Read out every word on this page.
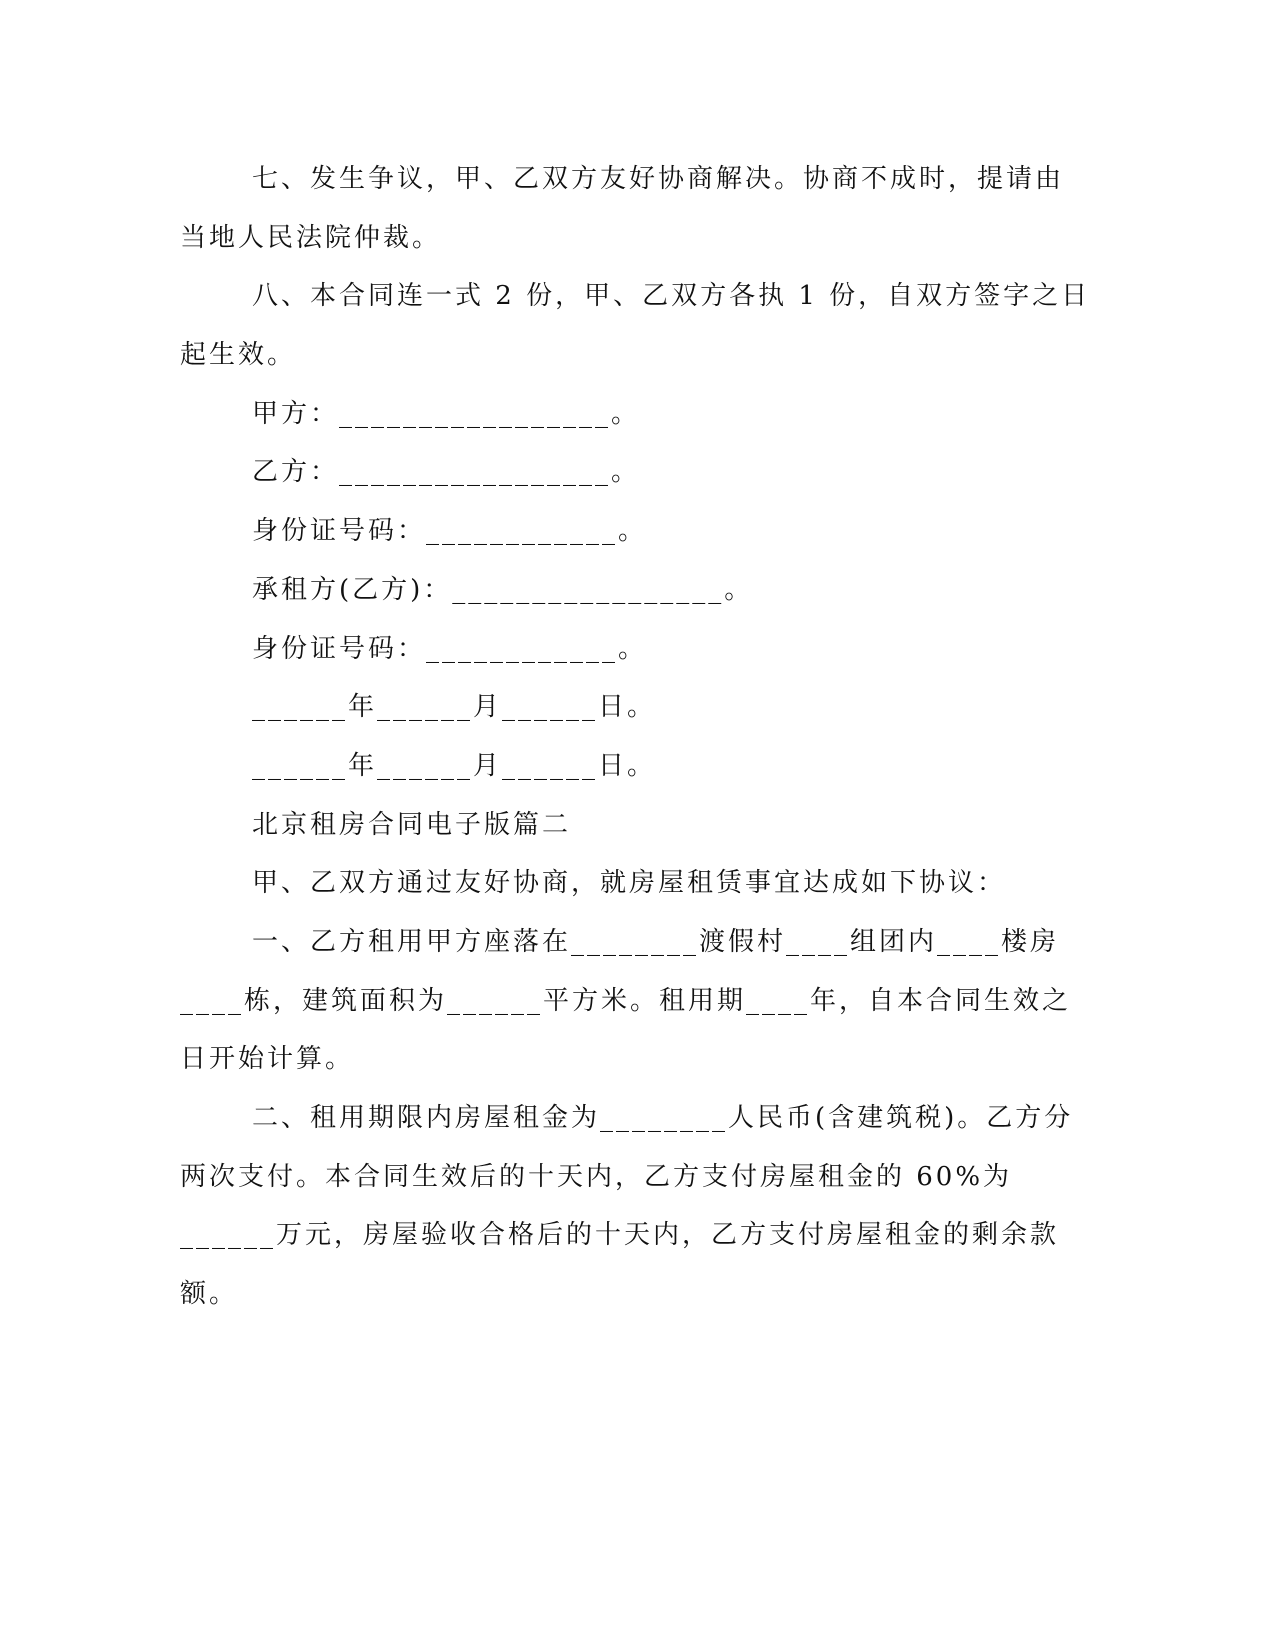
七、发生争议，甲、乙双方友好协商解决。协商不成时，提请由
当地人民法院仲裁。
八、本合同连一式 2 份，甲、乙双方各执 1 份，自双方签字之日
起生效。
甲方：_________________。
乙方：_________________。
身份证号码：____________。
承租方(乙方)：_________________。
身份证号码：____________。
______年______月______日。
______年______月______日。
北京租房合同电子版篇二
甲、乙双方通过友好协商，就房屋租赁事宜达成如下协议：
一、乙方租用甲方座落在________渡假村____组团内____楼房
____栋，建筑面积为______平方米。租用期____年，自本合同生效之
日开始计算。
二、租用期限内房屋租金为________人民币(含建筑税)。乙方分
两次支付。本合同生效后的十天内，乙方支付房屋租金的 60%为
______万元，房屋验收合格后的十天内，乙方支付房屋租金的剩余款
额。
